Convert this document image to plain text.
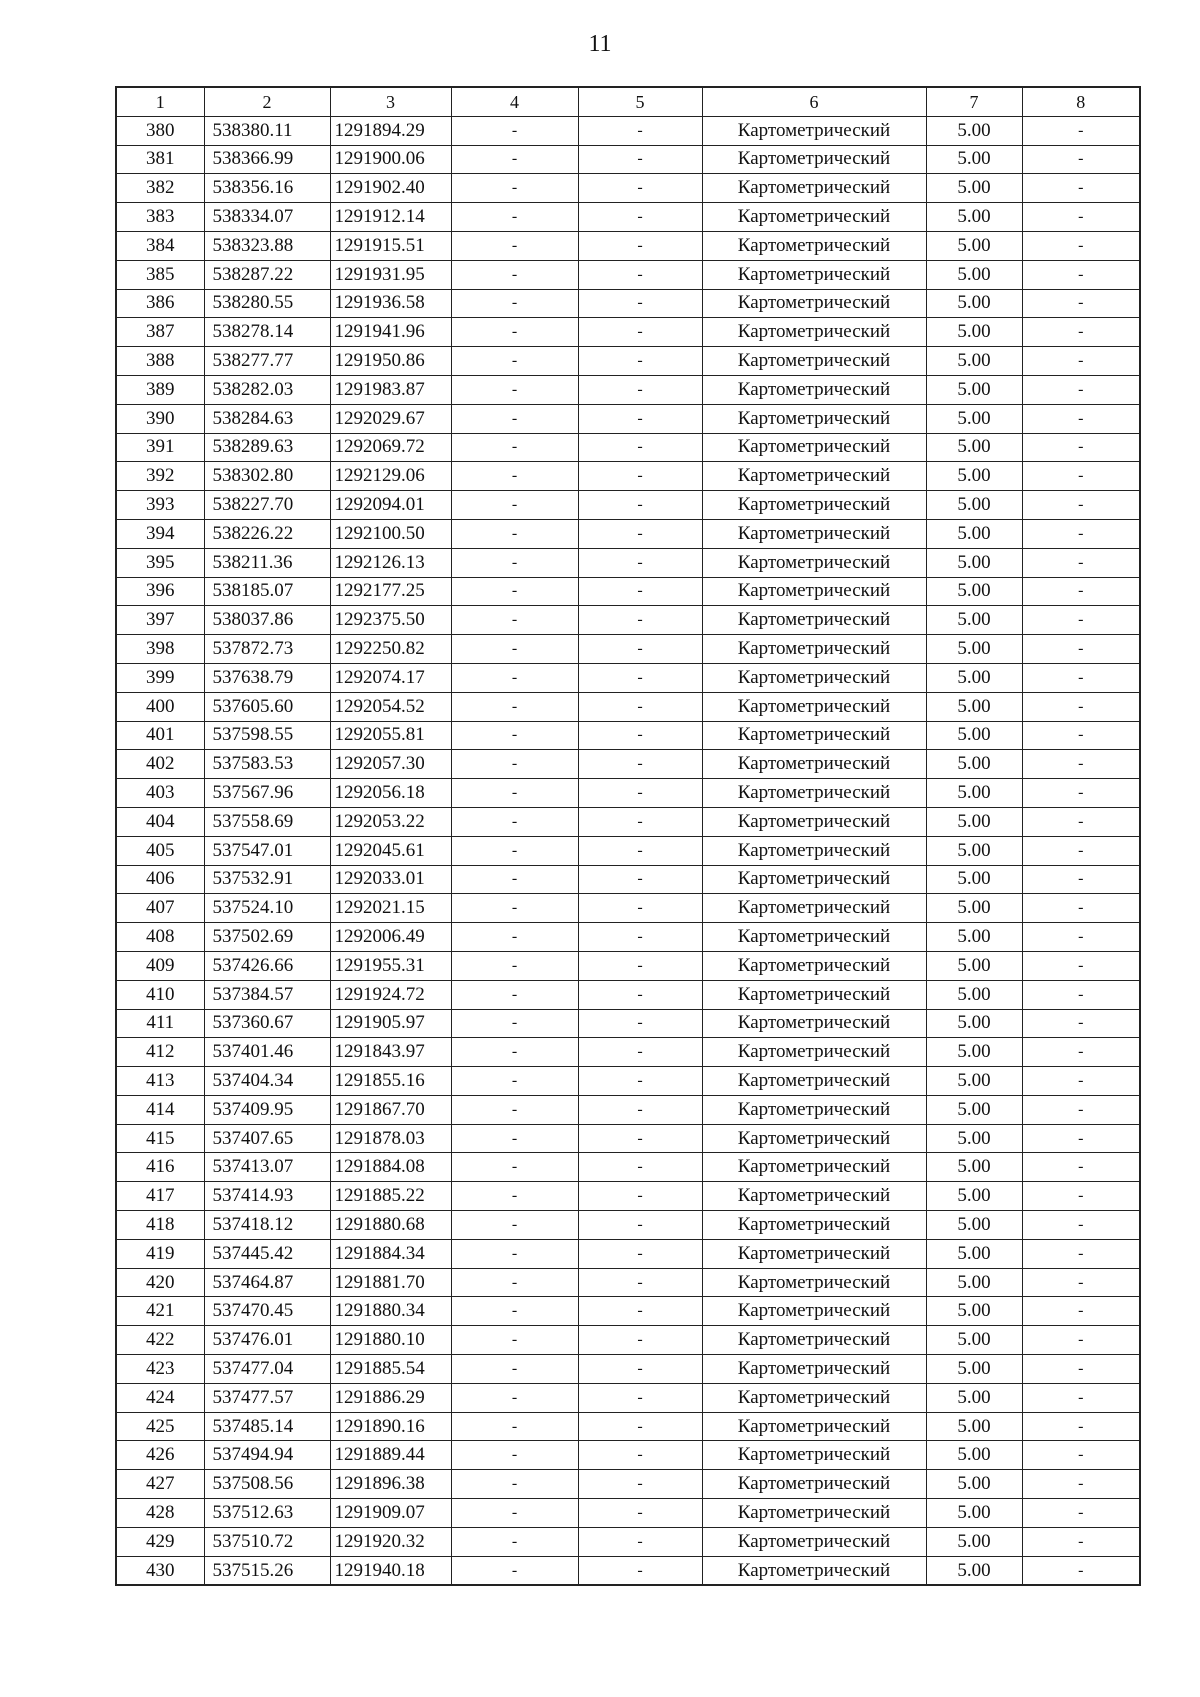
11
1	2	3	4	5	6	7	8
380	538380.11	1291894.29	-	-	Картометрический	5.00	-
381	538366.99	1291900.06	-	-	Картометрический	5.00	-
382	538356.16	1291902.40	-	-	Картометрический	5.00	-
383	538334.07	1291912.14	-	-	Картометрический	5.00	-
384	538323.88	1291915.51	-	-	Картометрический	5.00	-
385	538287.22	1291931.95	-	-	Картометрический	5.00	-
386	538280.55	1291936.58	-	-	Картометрический	5.00	-
387	538278.14	1291941.96	-	-	Картометрический	5.00	-
388	538277.77	1291950.86	-	-	Картометрический	5.00	-
389	538282.03	1291983.87	-	-	Картометрический	5.00	-
390	538284.63	1292029.67	-	-	Картометрический	5.00	-
391	538289.63	1292069.72	-	-	Картометрический	5.00	-
392	538302.80	1292129.06	-	-	Картометрический	5.00	-
393	538227.70	1292094.01	-	-	Картометрический	5.00	-
394	538226.22	1292100.50	-	-	Картометрический	5.00	-
395	538211.36	1292126.13	-	-	Картометрический	5.00	-
396	538185.07	1292177.25	-	-	Картометрический	5.00	-
397	538037.86	1292375.50	-	-	Картометрический	5.00	-
398	537872.73	1292250.82	-	-	Картометрический	5.00	-
399	537638.79	1292074.17	-	-	Картометрический	5.00	-
400	537605.60	1292054.52	-	-	Картометрический	5.00	-
401	537598.55	1292055.81	-	-	Картометрический	5.00	-
402	537583.53	1292057.30	-	-	Картометрический	5.00	-
403	537567.96	1292056.18	-	-	Картометрический	5.00	-
404	537558.69	1292053.22	-	-	Картометрический	5.00	-
405	537547.01	1292045.61	-	-	Картометрический	5.00	-
406	537532.91	1292033.01	-	-	Картометрический	5.00	-
407	537524.10	1292021.15	-	-	Картометрический	5.00	-
408	537502.69	1292006.49	-	-	Картометрический	5.00	-
409	537426.66	1291955.31	-	-	Картометрический	5.00	-
410	537384.57	1291924.72	-	-	Картометрический	5.00	-
411	537360.67	1291905.97	-	-	Картометрический	5.00	-
412	537401.46	1291843.97	-	-	Картометрический	5.00	-
413	537404.34	1291855.16	-	-	Картометрический	5.00	-
414	537409.95	1291867.70	-	-	Картометрический	5.00	-
415	537407.65	1291878.03	-	-	Картометрический	5.00	-
416	537413.07	1291884.08	-	-	Картометрический	5.00	-
417	537414.93	1291885.22	-	-	Картометрический	5.00	-
418	537418.12	1291880.68	-	-	Картометрический	5.00	-
419	537445.42	1291884.34	-	-	Картометрический	5.00	-
420	537464.87	1291881.70	-	-	Картометрический	5.00	-
421	537470.45	1291880.34	-	-	Картометрический	5.00	-
422	537476.01	1291880.10	-	-	Картометрический	5.00	-
423	537477.04	1291885.54	-	-	Картометрический	5.00	-
424	537477.57	1291886.29	-	-	Картометрический	5.00	-
425	537485.14	1291890.16	-	-	Картометрический	5.00	-
426	537494.94	1291889.44	-	-	Картометрический	5.00	-
427	537508.56	1291896.38	-	-	Картометрический	5.00	-
428	537512.63	1291909.07	-	-	Картометрический	5.00	-
429	537510.72	1291920.32	-	-	Картометрический	5.00	-
430	537515.26	1291940.18	-	-	Картометрический	5.00	-
